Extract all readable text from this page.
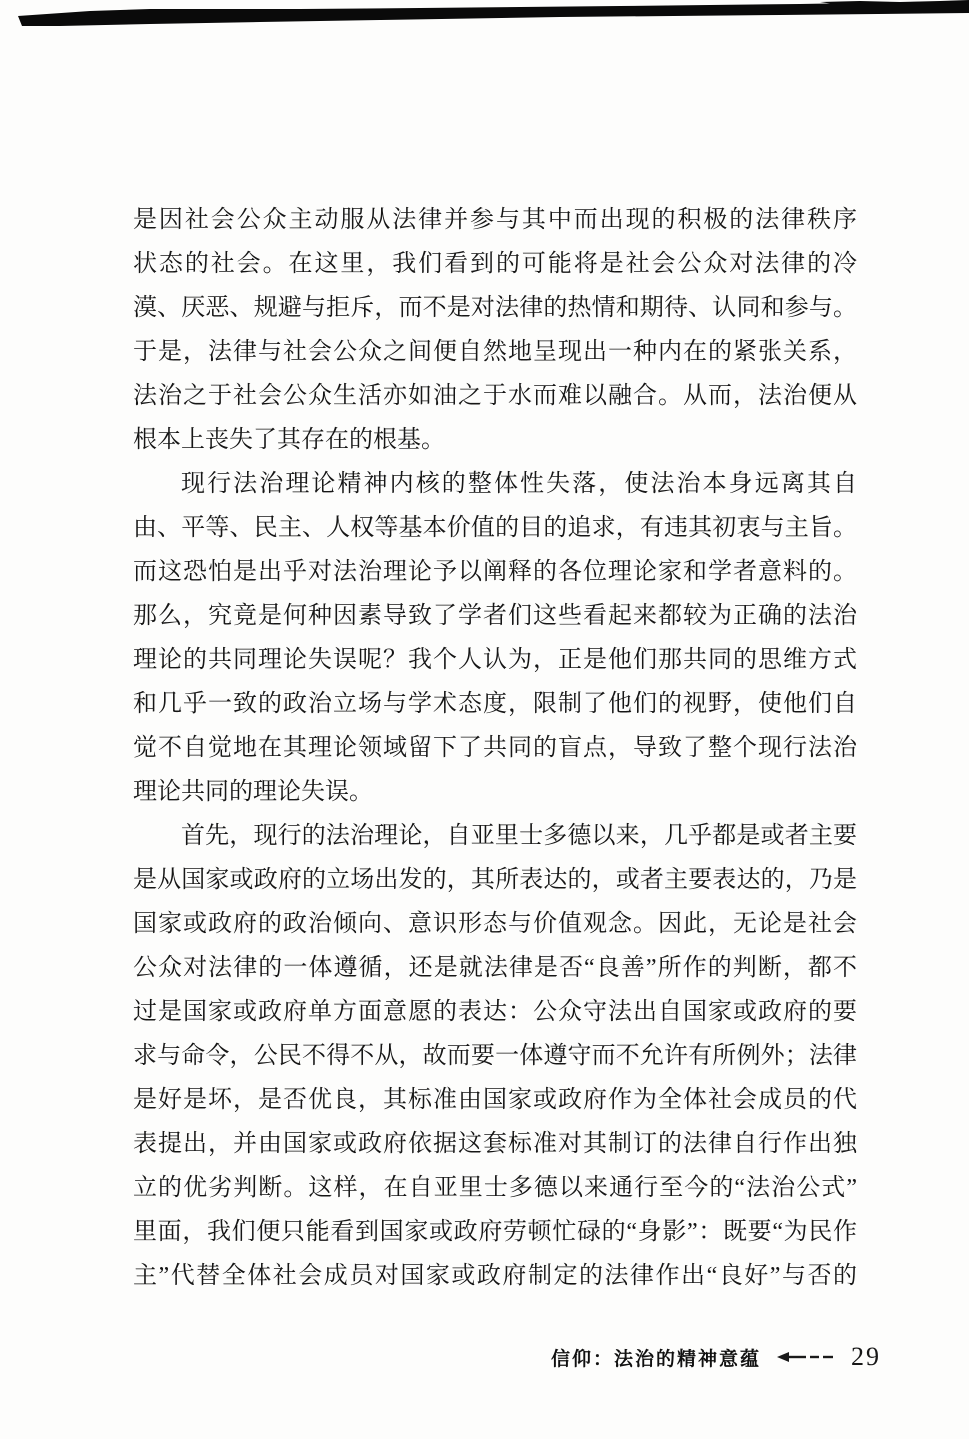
是因社会公众主动服从法律并参与其中而出现的积极的法律秩序
状态的社会。在这里，我们看到的可能将是社会公众对法律的冷
漠、厌恶、规避与拒斥，而不是对法律的热情和期待、认同和参与。
于是，法律与社会公众之间便自然地呈现出一种内在的紧张关系，
法治之于社会公众生活亦如油之于水而难以融合。从而，法治便从
根本上丧失了其存在的根基。
现行法治理论精神内核的整体性失落，使法治本身远离其自
由、平等、民主、人权等基本价值的目的追求，有违其初衷与主旨。
而这恐怕是出乎对法治理论予以阐释的各位理论家和学者意料的。
那么，究竟是何种因素导致了学者们这些看起来都较为正确的法治
理论的共同理论失误呢？我个人认为，正是他们那共同的思维方式
和几乎一致的政治立场与学术态度，限制了他们的视野，使他们自
觉不自觉地在其理论领域留下了共同的盲点，导致了整个现行法治
理论共同的理论失误。
首先，现行的法治理论，自亚里士多德以来，几乎都是或者主要
是从国家或政府的立场出发的，其所表达的，或者主要表达的，乃是
国家或政府的政治倾向、意识形态与价值观念。因此，无论是社会
公众对法律的一体遵循，还是就法律是否“良善”所作的判断，都不
过是国家或政府单方面意愿的表达：公众守法出自国家或政府的要
求与命令，公民不得不从，故而要一体遵守而不允许有所例外；法律
是好是坏，是否优良，其标准由国家或政府作为全体社会成员的代
表提出，并由国家或政府依据这套标准对其制订的法律自行作出独
立的优劣判断。这样，在自亚里士多德以来通行至今的“法治公式”
里面，我们便只能看到国家或政府劳顿忙碌的“身影”：既要“为民作
主”代替全体社会成员对国家或政府制定的法律作出“良好”与否的
信仰：法治的精神意蕴	29
